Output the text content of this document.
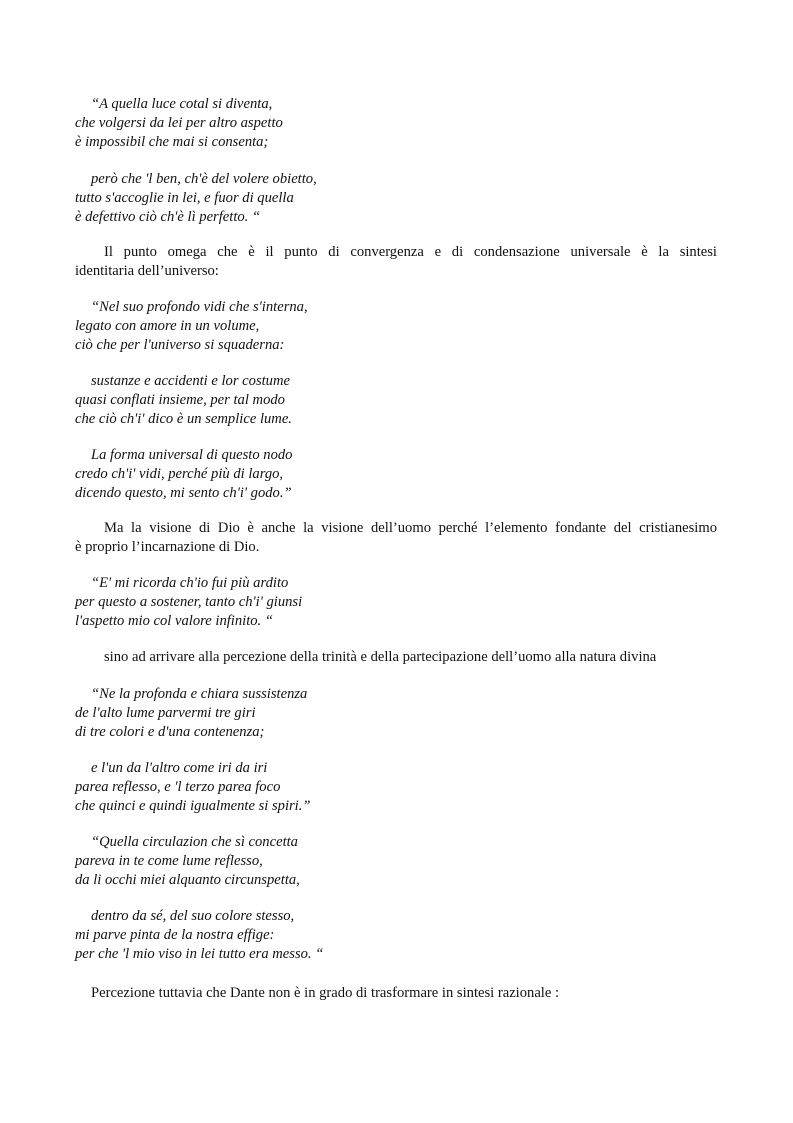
“A quella luce cotal si diventa,
che volgersi da lei per altro aspetto
è impossibil che mai si consenta;
però che 'l ben, ch'è del volere obietto,
tutto s'accoglie in lei, e fuor di quella
è defettivo ciò ch'è lì perfetto. “
Il punto omega che è il punto di convergenza e di condensazione universale è la sintesi
identitaria dell’universo:
“Nel suo profondo vidi che s'interna,
legato con amore in un volume,
ciò che per l'universo si squaderna:
sustanze e accidenti e lor costume
quasi conflati insieme, per tal modo
che ciò ch'i' dico è un semplice lume.
La forma universal di questo nodo
credo ch'i' vidi, perché più di largo,
dicendo questo, mi sento ch'i' godo.”
Ma la visione di Dio è anche la visione dell’uomo perché l’elemento fondante del cristianesimo
è proprio l’incarnazione di Dio.
“E' mi ricorda ch'io fui più ardito
per questo a sostener, tanto ch'i' giunsi
l'aspetto mio col valore infinito. “
sino ad arrivare alla percezione della trinità e della partecipazione dell’uomo alla natura divina
“Ne la profonda e chiara sussistenza
de l'alto lume parvermi tre giri
di tre colori e d'una contenenza;
e l'un da l'altro come iri da iri
parea reflesso, e 'l terzo parea foco
che quinci e quindi igualmente si spiri.”
“Quella circulazion che sì concetta
pareva in te come lume reflesso,
da li occhi miei alquanto circunspetta,
dentro da sé, del suo colore stesso,
mi parve pinta de la nostra effige:
per che 'l mio viso in lei tutto era messo. “
Percezione tuttavia che Dante non è in grado di trasformare in sintesi razionale :
